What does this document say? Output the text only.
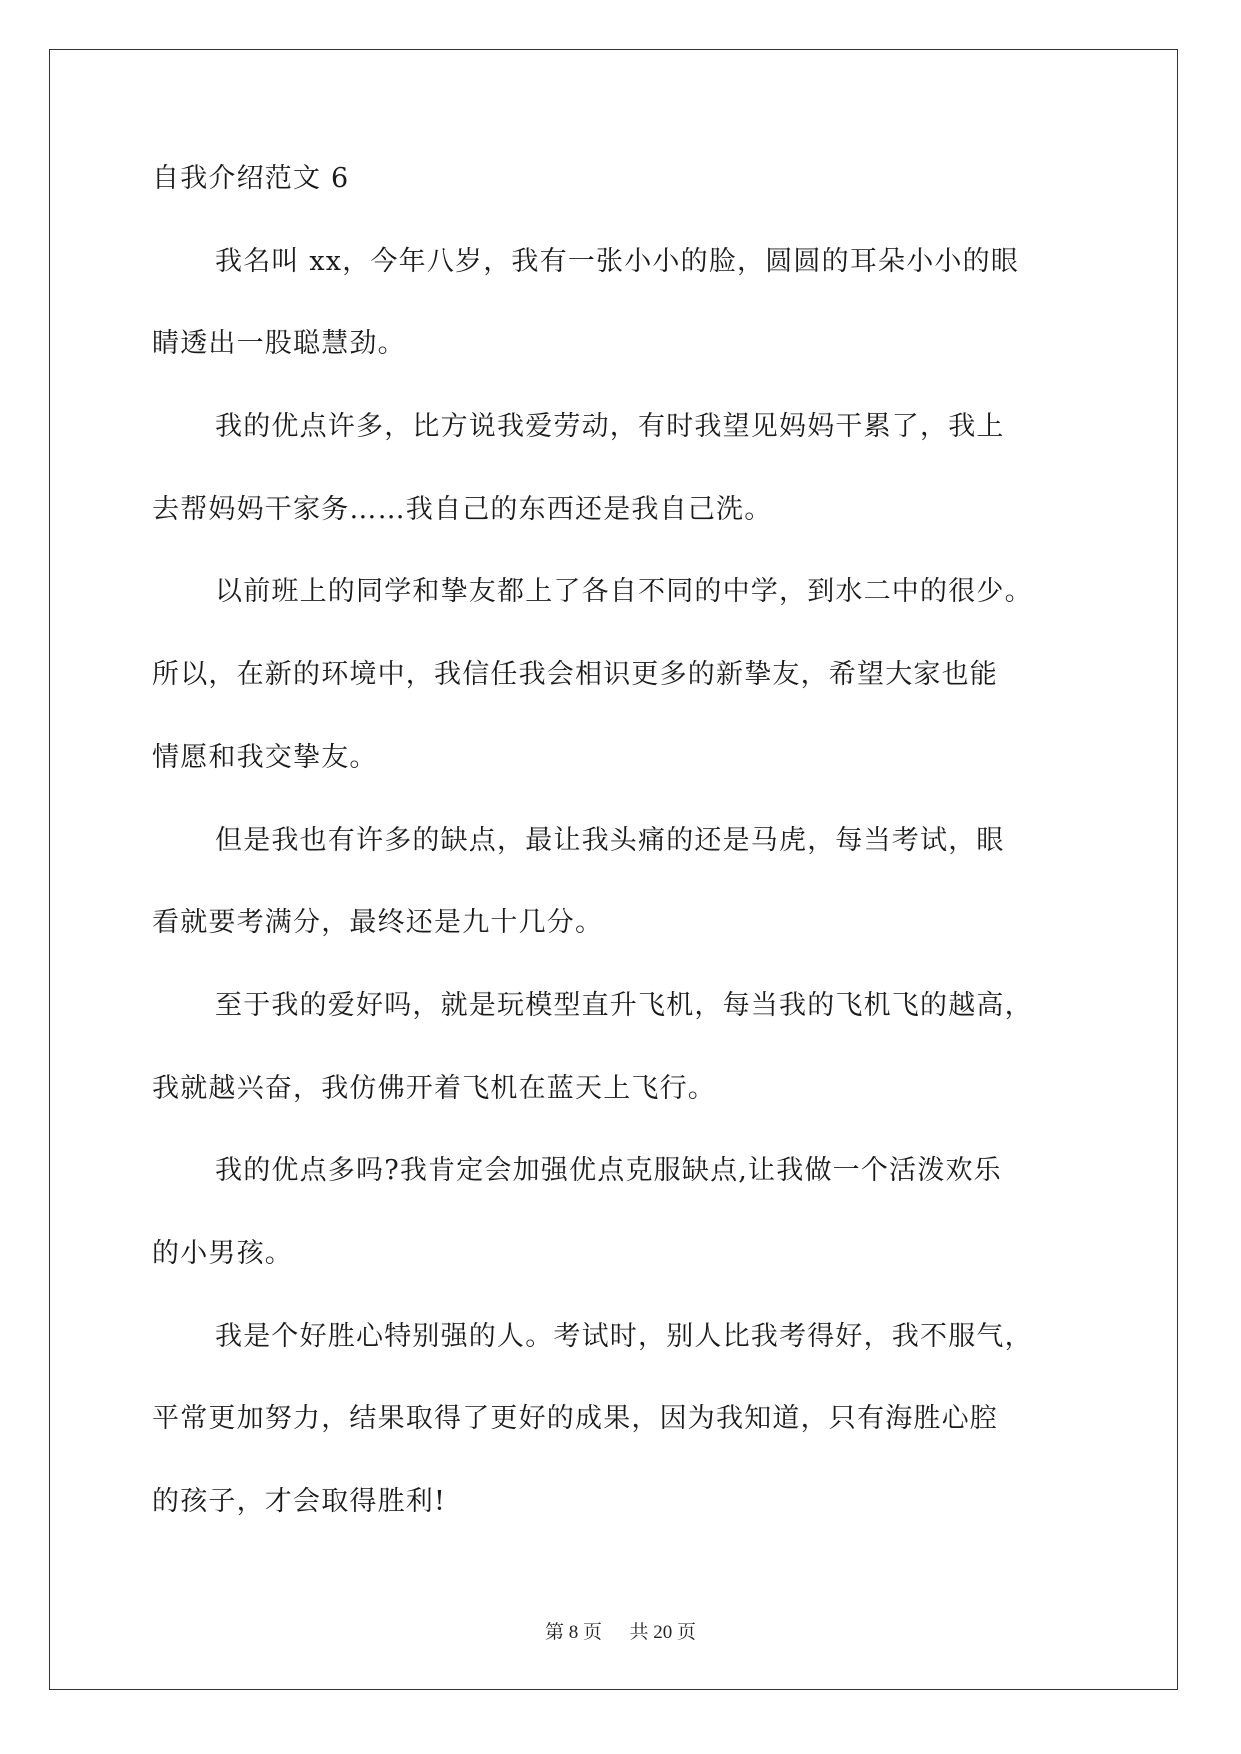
自我介绍范文 6
我名叫 xx，今年八岁，我有一张小小的脸，圆圆的耳朵小小的眼
睛透出一股聪慧劲。
我的优点许多，比方说我爱劳动，有时我望见妈妈干累了，我上
去帮妈妈干家务……我自己的东西还是我自己洗。
以前班上的同学和挚友都上了各自不同的中学，到水二中的很少。
所以，在新的环境中，我信任我会相识更多的新挚友，希望大家也能
情愿和我交挚友。
但是我也有许多的缺点，最让我头痛的还是马虎，每当考试，眼
看就要考满分，最终还是九十几分。
至于我的爱好吗，就是玩模型直升飞机，每当我的飞机飞的越高，
我就越兴奋，我仿佛开着飞机在蓝天上飞行。
我的优点多吗?我肯定会加强优点克服缺点,让我做一个活泼欢乐
的小男孩。
我是个好胜心特别强的人。考试时，别人比我考得好，我不服气，
平常更加努力，结果取得了更好的成果，因为我知道，只有海胜心腔
的孩子，才会取得胜利!
第 8 页 共 20 页
